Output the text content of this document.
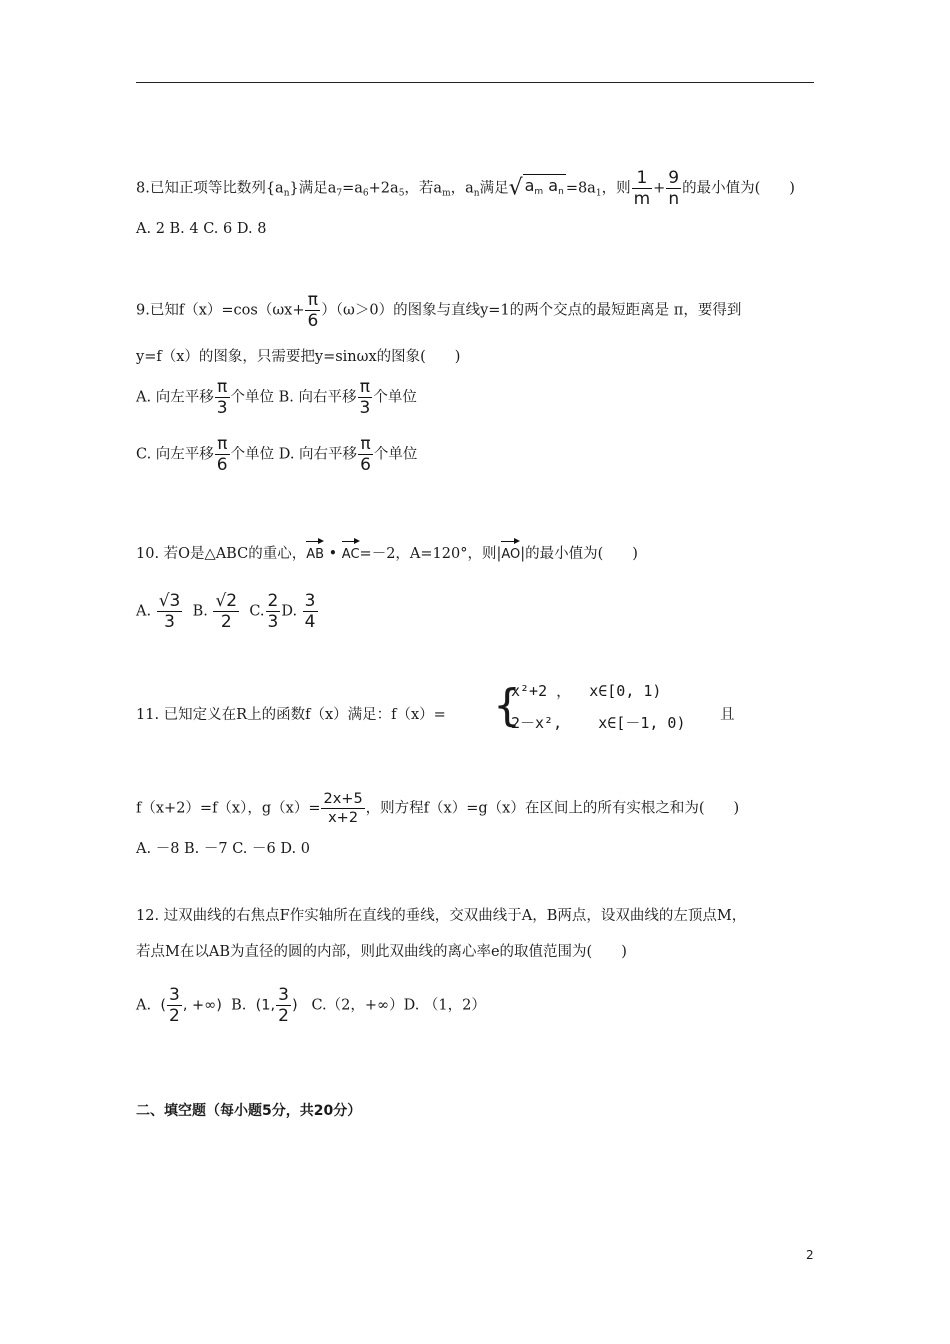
8.已知正项等比数列$\{a_n\}$满足$a_7=a_6+2a_5$，若$a_m$，$a_n$满足√ $a_m$ $a_n =8a_1$，则 $\frac{1}{m} + \frac{9}{n}$ 的最小值为(　　)
A. 2 B. 4 C. 6 D. 8
9.已知$f(x)=\cos(\omega x+ \frac{\pi}{6} )(\omega>0)$的图象与直线y=1的两个交点的最短距离是 π，要得到
y=f（x）的图象，只需要把y=sinωx的图象(　　)
A. 向左平移 $\frac{\pi}{3}$ 个单位 B. 向右平移 $\frac{\pi}{3}$ 个单位
C. 向左平移 $\frac{\pi}{6}$ 个单位 D. 向右平移 $\frac{\pi}{6}$ 个单位
10. 若O是△ABC的重心，AB • AC=－2，A=120°，则|AO|的最小值为(　　)
A. $\frac{√3}{3} B$. $\frac{√2}{2} C$. $\frac{2}{3} D$. $\frac{3}{4}$
11. 已知定义在R上的函数f（x）满足：f（x）= {
x²+2 ，  x∈[0, 1)
2－x²,    x∈[－1, 0) 且
f（x+2）=f（x），$g(x)= \frac{2x+5}{x+2}$ ，则方程f（x）=g（x）在区间上的所有实根之和为(　　)
A. －8 B. －7 C. －6 D. 0
12. 过双曲线的右焦点F作实轴所在直线的垂线，交双曲线于A，B两点，设双曲线的左顶点M，
若点M在以AB为直径的圆的内部，则此双曲线的离心率e的取值范围为(　　)
A. ( $\frac{3}{2}$ , +∞) B. (1, $\frac{3}{2}$ ) C.（2，+∞）D. （1，2）
二、填空题（每小题5分，共20分）
2
